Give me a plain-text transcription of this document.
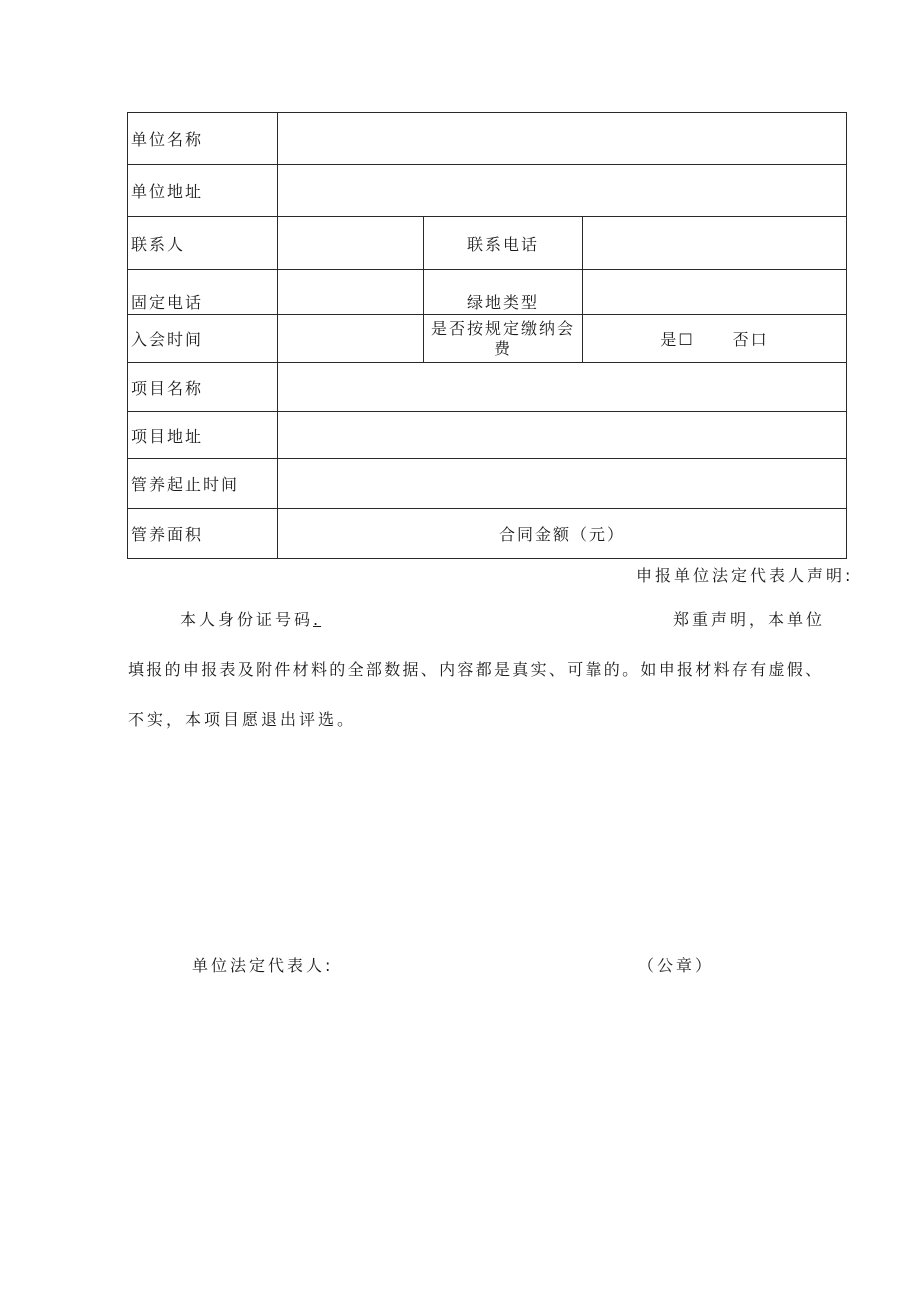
单位名称			
单位地址			
联系人		联系电话	
固定电话		绿地类型	
入会时间		是否按规定缴纳会费	是☐ 否口
项目名称			
项目地址			
管养起止时间			
管养面积	合同金额（元）		
申报单位法定代表人声明:
本人身份证号码.	郑重声明，本单位
填报的申报表及附件材料的全部数据、内容都是真实、可靠的。如申报材料存有虚假、
不实，本项目愿退出评选。
单位法定代表人:	（公章）
